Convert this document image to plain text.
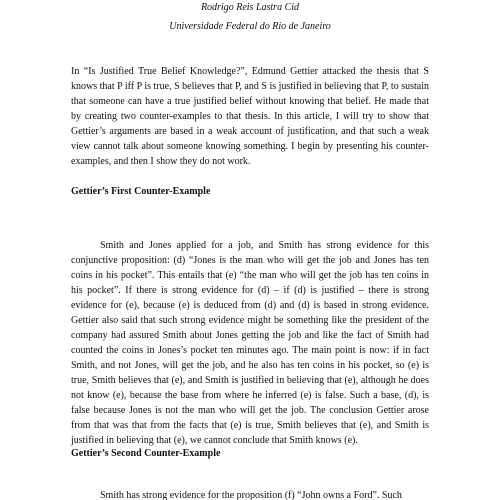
Rodrigo Reis Lastra Cid
Universidade Federal do Rio de Janeiro

In “Is Justified True Belief Knowledge?”, Edmund Gettier attacked the thesis that S knows that P iff P is true, S believes that P, and S is justified in believing that P, to sustain that someone can have a true justified belief without knowing that belief. He made that by creating two counter-examples to that thesis. In this article, I will try to show that Gettier’s arguments are based in a weak account of justification, and that such a weak view cannot talk about someone knowing something. I begin by presenting his counter-examples, and then I show they do not work.

Gettier’s First Counter-Example

Smith and Jones applied for a job, and Smith has strong evidence for this conjunctive proposition: (d) “Jones is the man who will get the job and Jones has ten coins in his pocket”. This entails that (e) “the man who will get the job has ten coins in his pocket”. If there is strong evidence for (d) – if (d) is justified – there is strong evidence for (e), because (e) is deduced from (d) and (d) is based in strong evidence. Gettier also said that such strong evidence might be something like the president of the company had assured Smith about Jones getting the job and like the fact of Smith had counted the coins in Jones’s pocket ten minutes ago. The main point is now: if in fact Smith, and not Jones, will get the job, and he also has ten coins in his pocket, so (e) is true, Smith believes that (e), and Smith is justified in believing that (e), although he does not know (e), because the base from where he inferred (e) is false. Such a base, (d), is false because Jones is not the man who will get the job. The conclusion Gettier arose from that was that from the facts that (e) is true, Smith believes that (e), and Smith is justified in believing that (e), we cannot conclude that Smith knows (e).

Gettier’s Second Counter-Example

Smith has strong evidence for the proposition (f) “John owns a Ford”. Such
